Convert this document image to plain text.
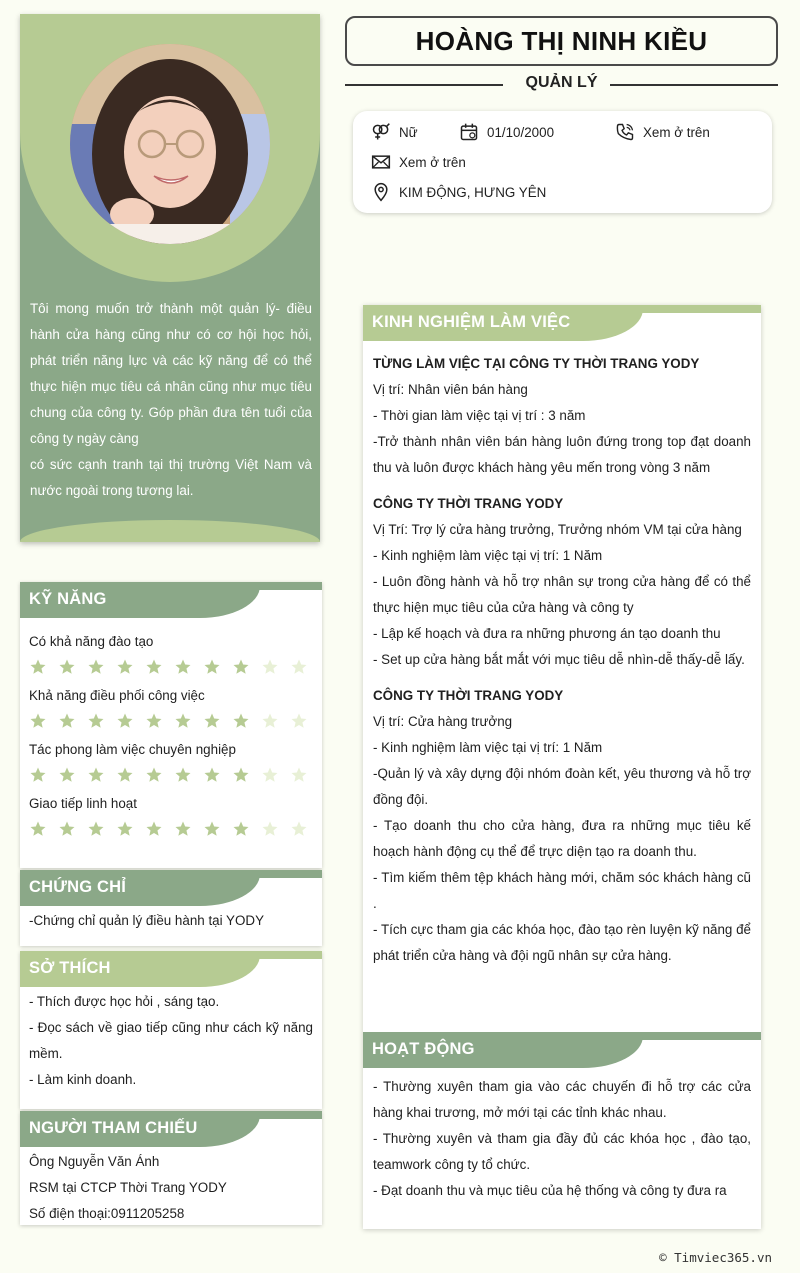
Tôi mong muốn trở thành một quản lý- điều hành cửa hàng cũng như có cơ hội học hỏi, phát triển năng lực và các kỹ năng để có thể thực hiện mục tiêu cá nhân cũng như mục tiêu chung của công ty. Góp phần đưa tên tuổi của công ty ngày càng

có sức cạnh tranh tại thị trường Việt Nam và nước ngoài trong tương lai.

KỸ NĂNG
Có khả năng đào tạo
Khả năng điều phối công việc
Tác phong làm việc chuyên nghiệp
Giao tiếp linh hoạt
CHỨNG CHỈ
-Chứng chỉ quản lý điều hành tại YODY
SỞ THÍCH
- Thích được học hỏi , sáng tạo.
- Đọc sách về giao tiếp cũng như cách kỹ năng mềm.
- Làm kinh doanh.
NGƯỜI THAM CHIẾU
Ông Nguyễn Văn Ánh
RSM tại CTCP Thời Trang YODY
Số điện thoại:0911205258
HOÀNG THỊ NINH KIỀU
QUẢN LÝ
Nữ	01/10/2000	Xem ở trên
Xem ở trên
KIM ĐỘNG, HƯNG YÊN
KINH NGHIỆM LÀM VIỆC
TỪNG LÀM VIỆC TẠI CÔNG TY THỜI TRANG YODY
Vị trí: Nhân viên bán hàng
- Thời gian làm việc tại vị trí : 3 năm
-Trở thành nhân viên bán hàng luôn đứng trong top đạt doanh thu và luôn được khách hàng yêu mến trong vòng 3 năm
CÔNG TY THỜI TRANG YODY
Vị Trí: Trợ lý cửa hàng trưởng, Trưởng nhóm VM tại cửa hàng
- Kinh nghiệm làm việc tại vị trí: 1 Năm
- Luôn đồng hành và hỗ trợ nhân sự trong cửa hàng để có thể thực hiện mục tiêu của cửa hàng và công ty
- Lập kế hoạch và đưa ra những phương án tạo doanh thu
- Set up cửa hàng bắt mắt với mục tiêu dễ nhìn-dễ thấy-dễ lấy.
CÔNG TY THỜI TRANG YODY
Vị trí: Cửa hàng trưởng
- Kinh nghiệm làm việc tại vị trí: 1 Năm
-Quản lý và xây dựng đội nhóm đoàn kết, yêu thương và hỗ trợ đồng đội.
- Tạo doanh thu cho cửa hàng, đưa ra những mục tiêu kế hoạch hành động cụ thể để trực diện tạo ra doanh thu.
- Tìm kiếm thêm tệp khách hàng mới, chăm sóc khách hàng cũ .
- Tích cực tham gia các khóa học, đào tạo rèn luyện kỹ năng để phát triển cửa hàng và đội ngũ nhân sự cửa hàng.
HOẠT ĐỘNG
- Thường xuyên tham gia vào các chuyến đi hỗ trợ các cửa hàng khai trương, mở mới tại các tỉnh khác nhau.
- Thường xuyên và tham gia đầy đủ các khóa học , đào tạo, teamwork công ty tổ chức.
- Đạt doanh thu và mục tiêu của hệ thống và công ty đưa ra
© Timviec365.vn
